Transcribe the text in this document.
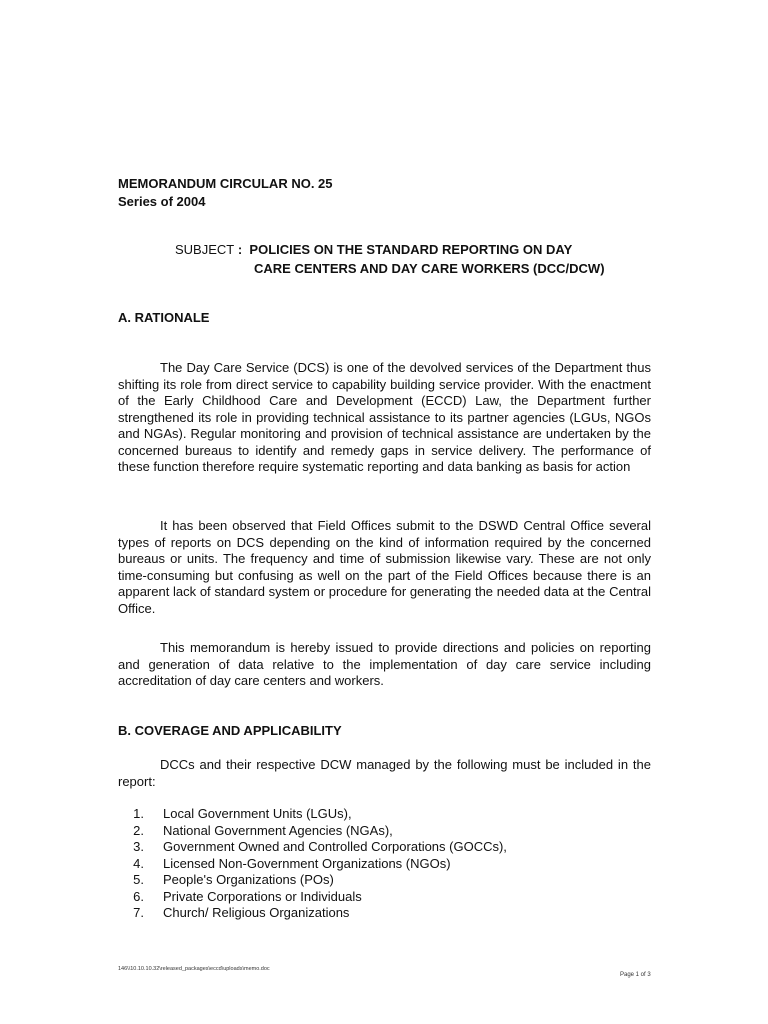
MEMORANDUM CIRCULAR NO. 25
Series of 2004
SUBJECT :  POLICIES ON THE STANDARD REPORTING ON DAY
CARE CENTERS AND DAY CARE WORKERS (DCC/DCW)
A. RATIONALE

The Day Care Service (DCS) is one of the devolved services of the Department thus shifting its role from direct service to capability building service provider. With the enactment of the Early Childhood Care and Development (ECCD) Law, the Department further strengthened its role in providing technical assistance to its partner agencies (LGUs, NGOs and NGAs). Regular monitoring and provision of technical assistance are undertaken by the concerned bureaus to identify and remedy gaps in service delivery. The performance of these function therefore require systematic reporting and data banking as basis for action

It has been observed that Field Offices submit to the DSWD Central Office several types of reports on DCS depending on the kind of information required by the concerned bureaus or units. The frequency and time of submission likewise vary. These are not only time-consuming but confusing as well on the part of the Field Offices because there is an apparent lack of standard system or procedure for generating the needed data at the Central Office.

This memorandum is hereby issued to provide directions and policies on reporting and generation of data relative to the implementation of day care service including accreditation of day care centers and workers.

B. COVERAGE AND APPLICABILITY

DCCs and their respective DCW managed by the following must be included in the report:

1. Local Government Units (LGUs),
2. National Government Agencies (NGAs),
3. Government Owned and Controlled Corporations (GOCCs),
4. Licensed Non-Government Organizations (NGOs)
5. People's Organizations (POs)
6. Private Corporations or Individuals
7. Church/ Religious Organizations
146\\10.10.10.32\released_packages\eccd\uploads\memo.doc
Page 1 of 3
